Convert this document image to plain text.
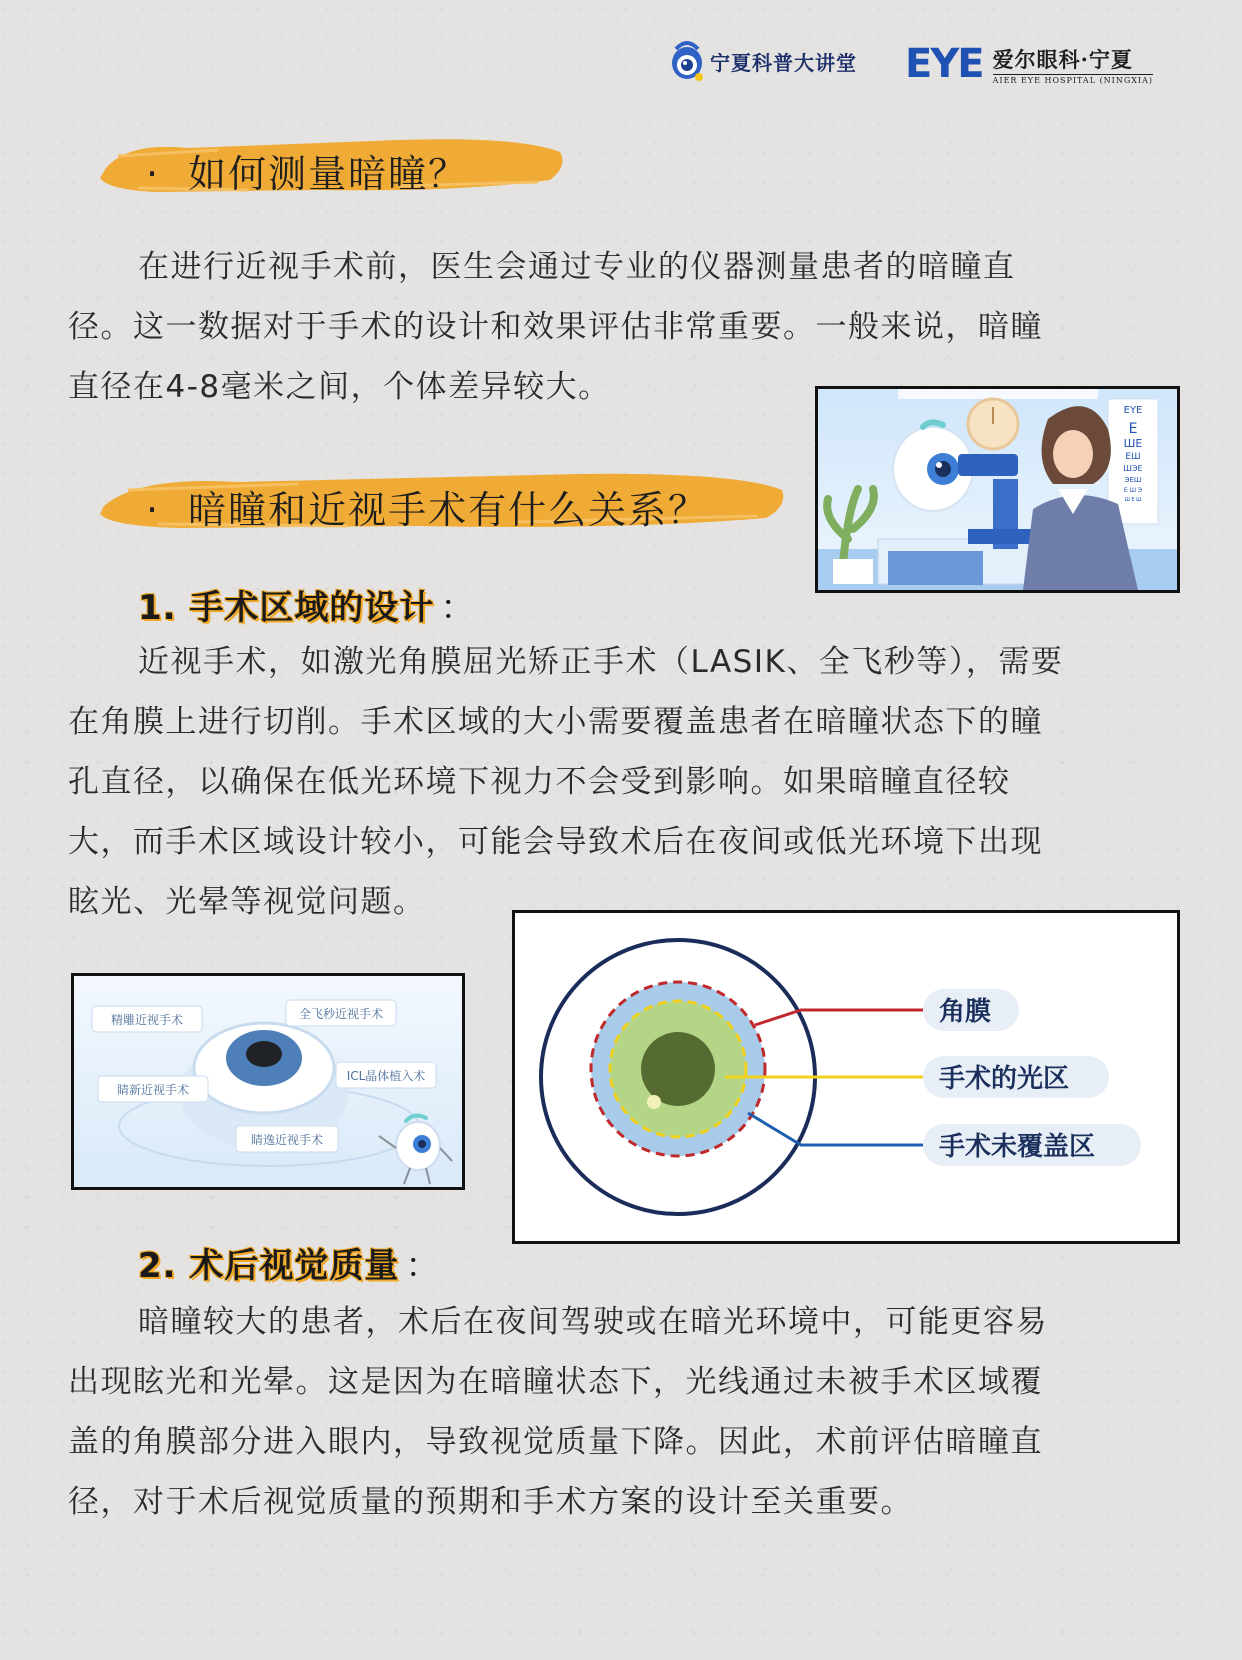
宁夏科普大讲堂 EYE 爱尔眼科·宁夏
AIER EYE HOSPITAL (NINGXIA)
· 如何测量暗瞳？
在进行近视手术前，医生会通过专业的仪器测量患者的暗瞳直
径。这一数据对于手术的设计和效果评估非常重要。一般来说，暗瞳
直径在4-8毫米之间，个体差异较大。
EYE
E
ШE
EШ
ШЭЕ
ЭЕШ
E Ш Э
Ш E Ш
· 暗瞳和近视手术有什么关系？
1. 手术区域的设计 ：
近视手术，如激光角膜屈光矫正手术（LASIK、全飞秒等），需要
在角膜上进行切削。手术区域的大小需要覆盖患者在暗瞳状态下的瞳
孔直径，以确保在低光环境下视力不会受到影响。如果暗瞳直径较
大，而手术区域设计较小，可能会导致术后在夜间或低光环境下出现
眩光、光晕等视觉问题。
精雕近视手术	全飞秒近视手术
睛新近视手术
ICL晶体植入术
睛逸近视手术
角膜
手术的光区
手术未覆盖区
2. 术后视觉质量 ：
暗瞳较大的患者，术后在夜间驾驶或在暗光环境中，可能更容易
出现眩光和光晕。这是因为在暗瞳状态下，光线通过未被手术区域覆
盖的角膜部分进入眼内，导致视觉质量下降。因此，术前评估暗瞳直
径，对于术后视觉质量的预期和手术方案的设计至关重要。
